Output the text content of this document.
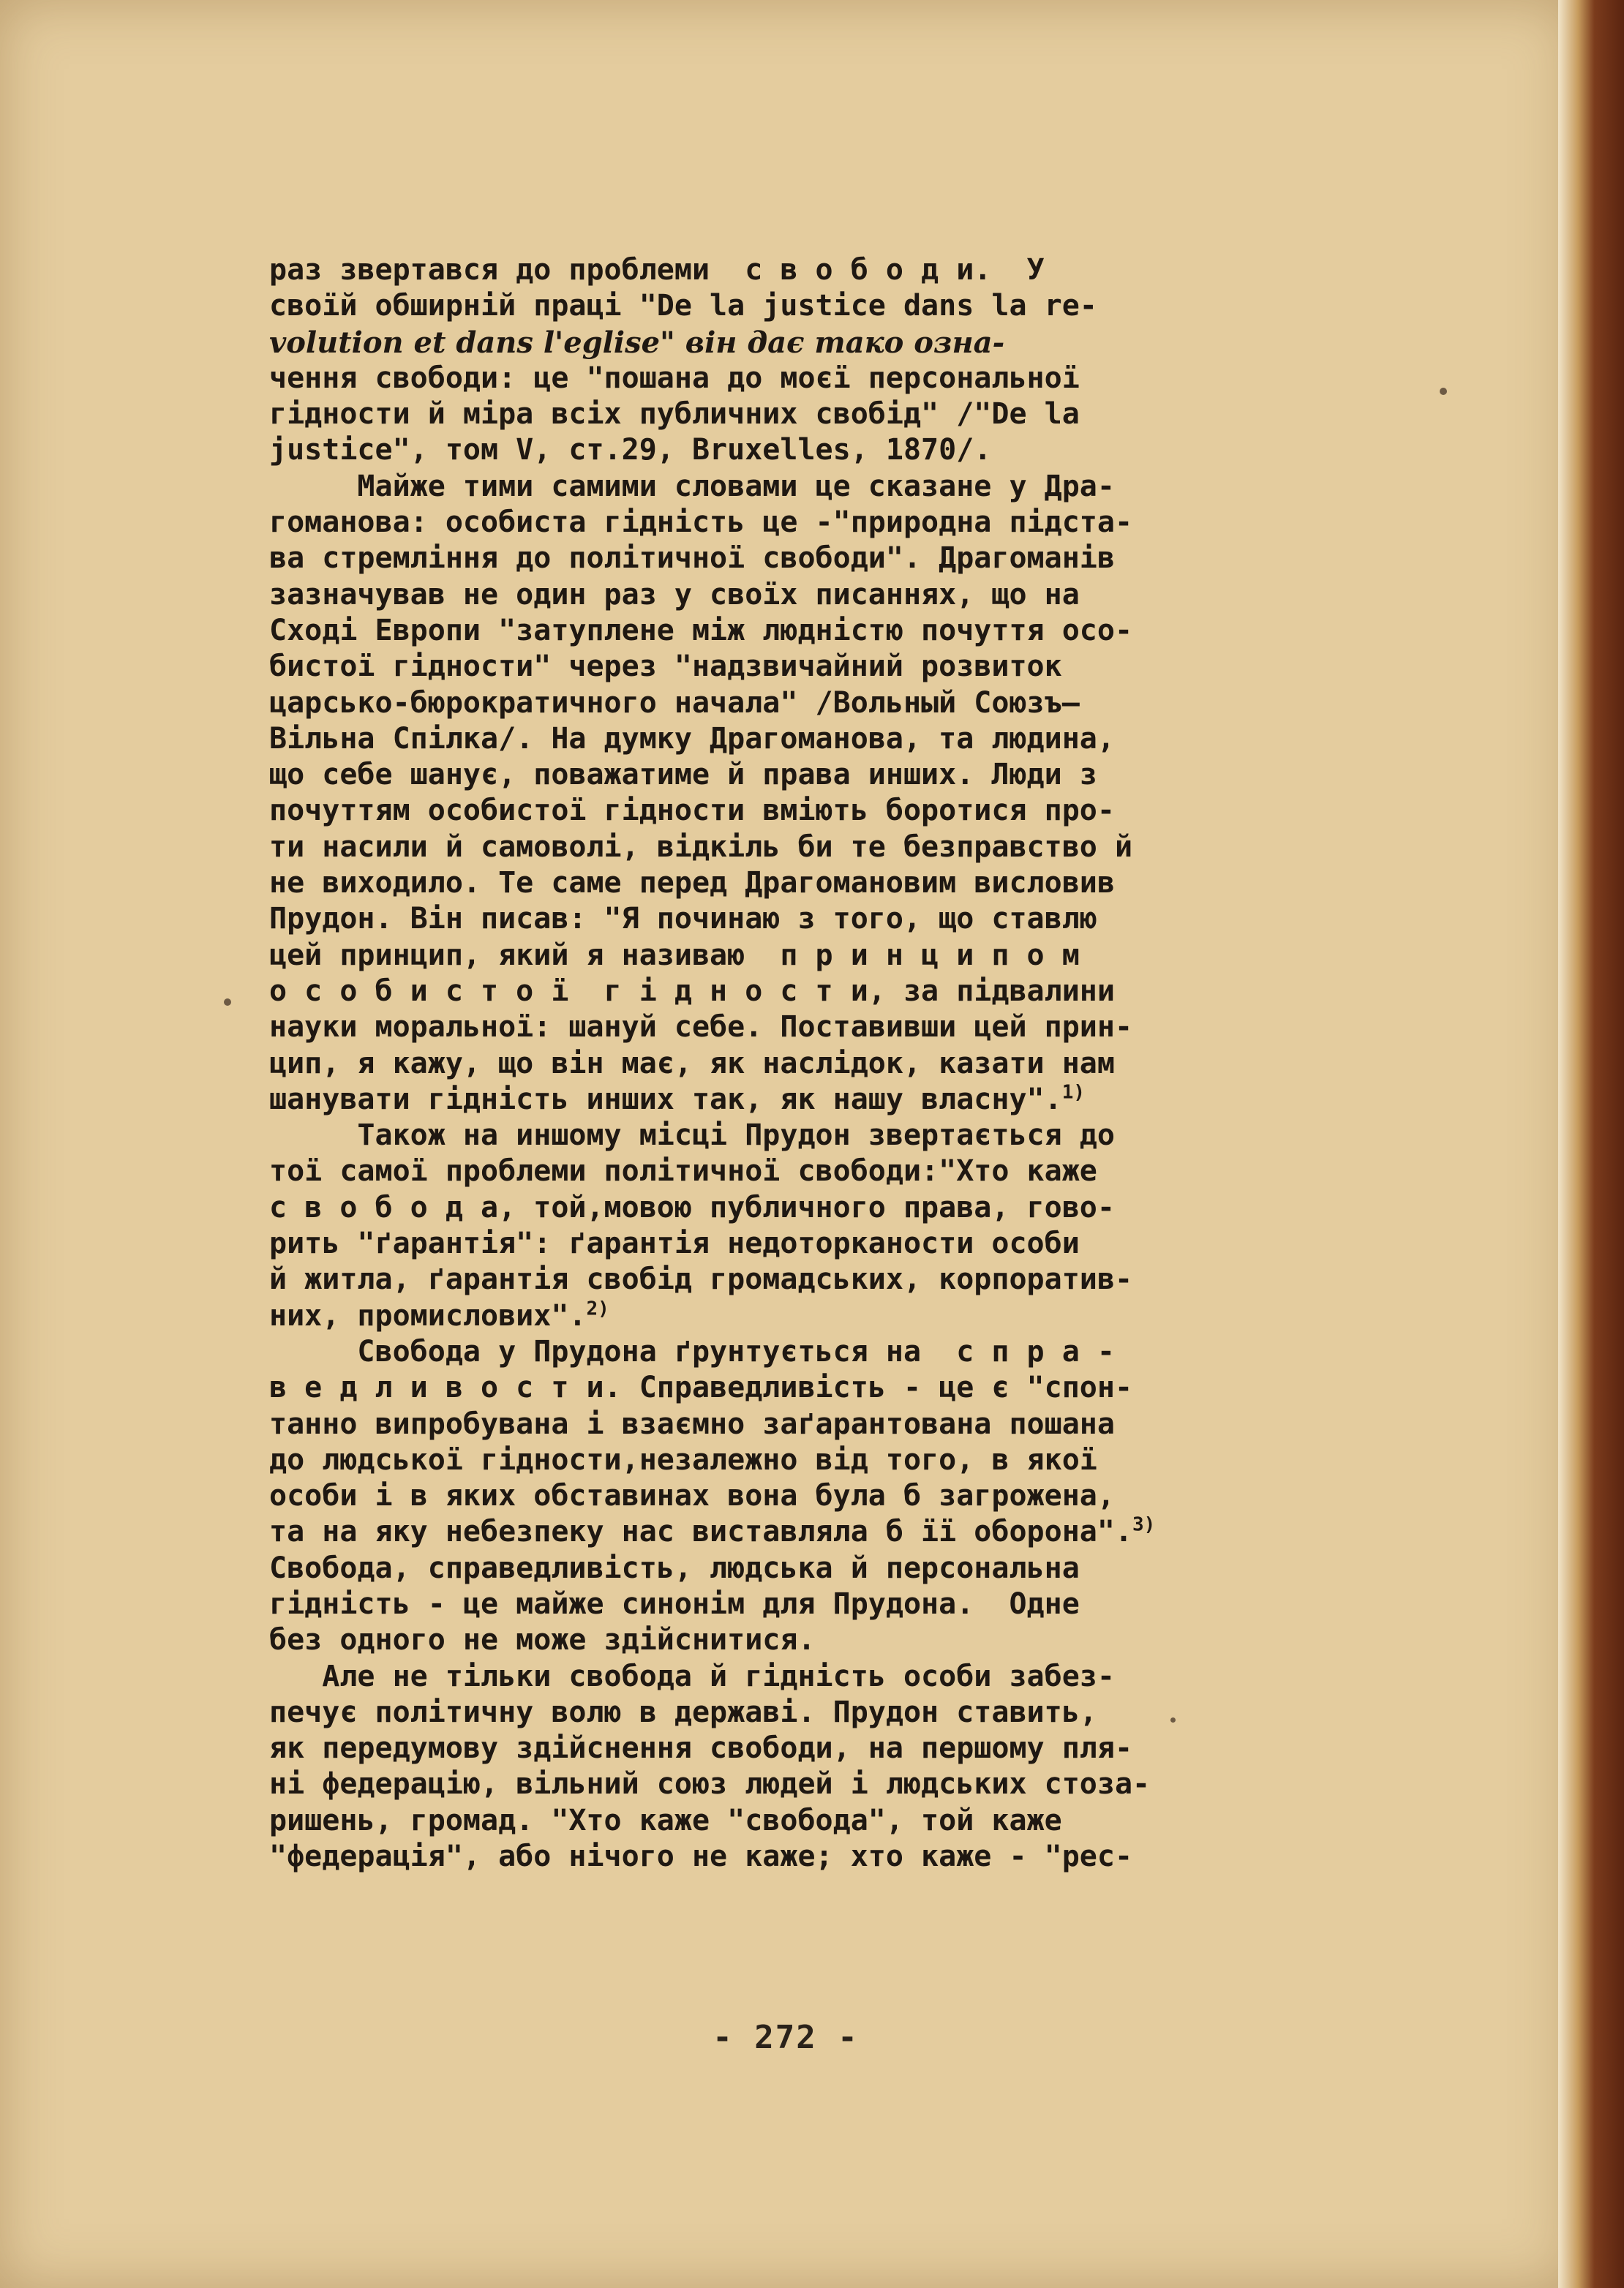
раз звертався до проблеми  с в о б о д и.  У
своїй обширній праці "De la justice dans la re-
volution et dans l'eglise" він дає тако озна-
чення свободи: це "пошана до моєї персональної
гідности й міра всіх публичних свобід" /"De la
justice", том V, ст.29, Bruxelles, 1870/.
Майже тими самими словами це сказане у Дра-
гоманова: особиста гідність це -"природна підста-
ва стремління до політичної свободи". Драгоманів
зазначував не один раз у своїх писаннях, що на
Сході Европи "затуплене між людністю почуття осо-
бистої гідности" через "надзвичайний розвиток
царсько-бюрократичного начала" /Вольный Союзъ—
Вільна Спілка/. На думку Драгоманова, та людина,
що себе шанує, поважатиме й права инших. Люди з
почуттям особистої гідности вміють боротися про-
ти насили й самоволі, відкіль би те безправство й
не виходило. Те саме перед Драгомановим висловив
Прудон. Він писав: "Я починаю з того, що ставлю
цей принцип, який я називаю  п р и н ц и п о м
о с о б и с т о ї  г і д н о с т и, за підвалини
науки моральної: шануй себе. Поставивши цей прин-
цип, я кажу, що він має, як наслідок, казати нам
шанувати гідність инших так, як нашу власну".$^{1)}$
Також на иншому місці Прудон звертається до
тої самої проблеми політичної свободи:"Хто каже
с в о б о д а, той,мовою публичного права, гово-
рить "ґарантія": ґарантія недоторканости особи
й житла, ґарантія свобід громадських, корпоратив-
них, промислових".$^{2)}$
Свобода у Прудона ґрунтується на  с п р а -
в е д л и в о с т и. Справедливість - це є "спон-
танно випробувана і взаємно заґарантована пошана
до людської гідности,незалежно від того, в якої
особи і в яких обставинах вона була б загрожена,
та на яку небезпеку нас виставляла б її оборона".$^{3)}$
Свобода, справедливість, людська й персональна
гідність - це майже синонім для Прудона.  Одне
без одного не може здійснитися.
Але не тільки свобода й гідність особи забез-
печує політичну волю в державі. Прудон ставить,
як передумову здійснення свободи, на першому пля-
ні федерацію, вільний союз людей і людських стоза-
ришень, громад. "Хто каже "свобода", той каже
"федерація", або нічого не каже; хто каже - "рес-
- 272 -
